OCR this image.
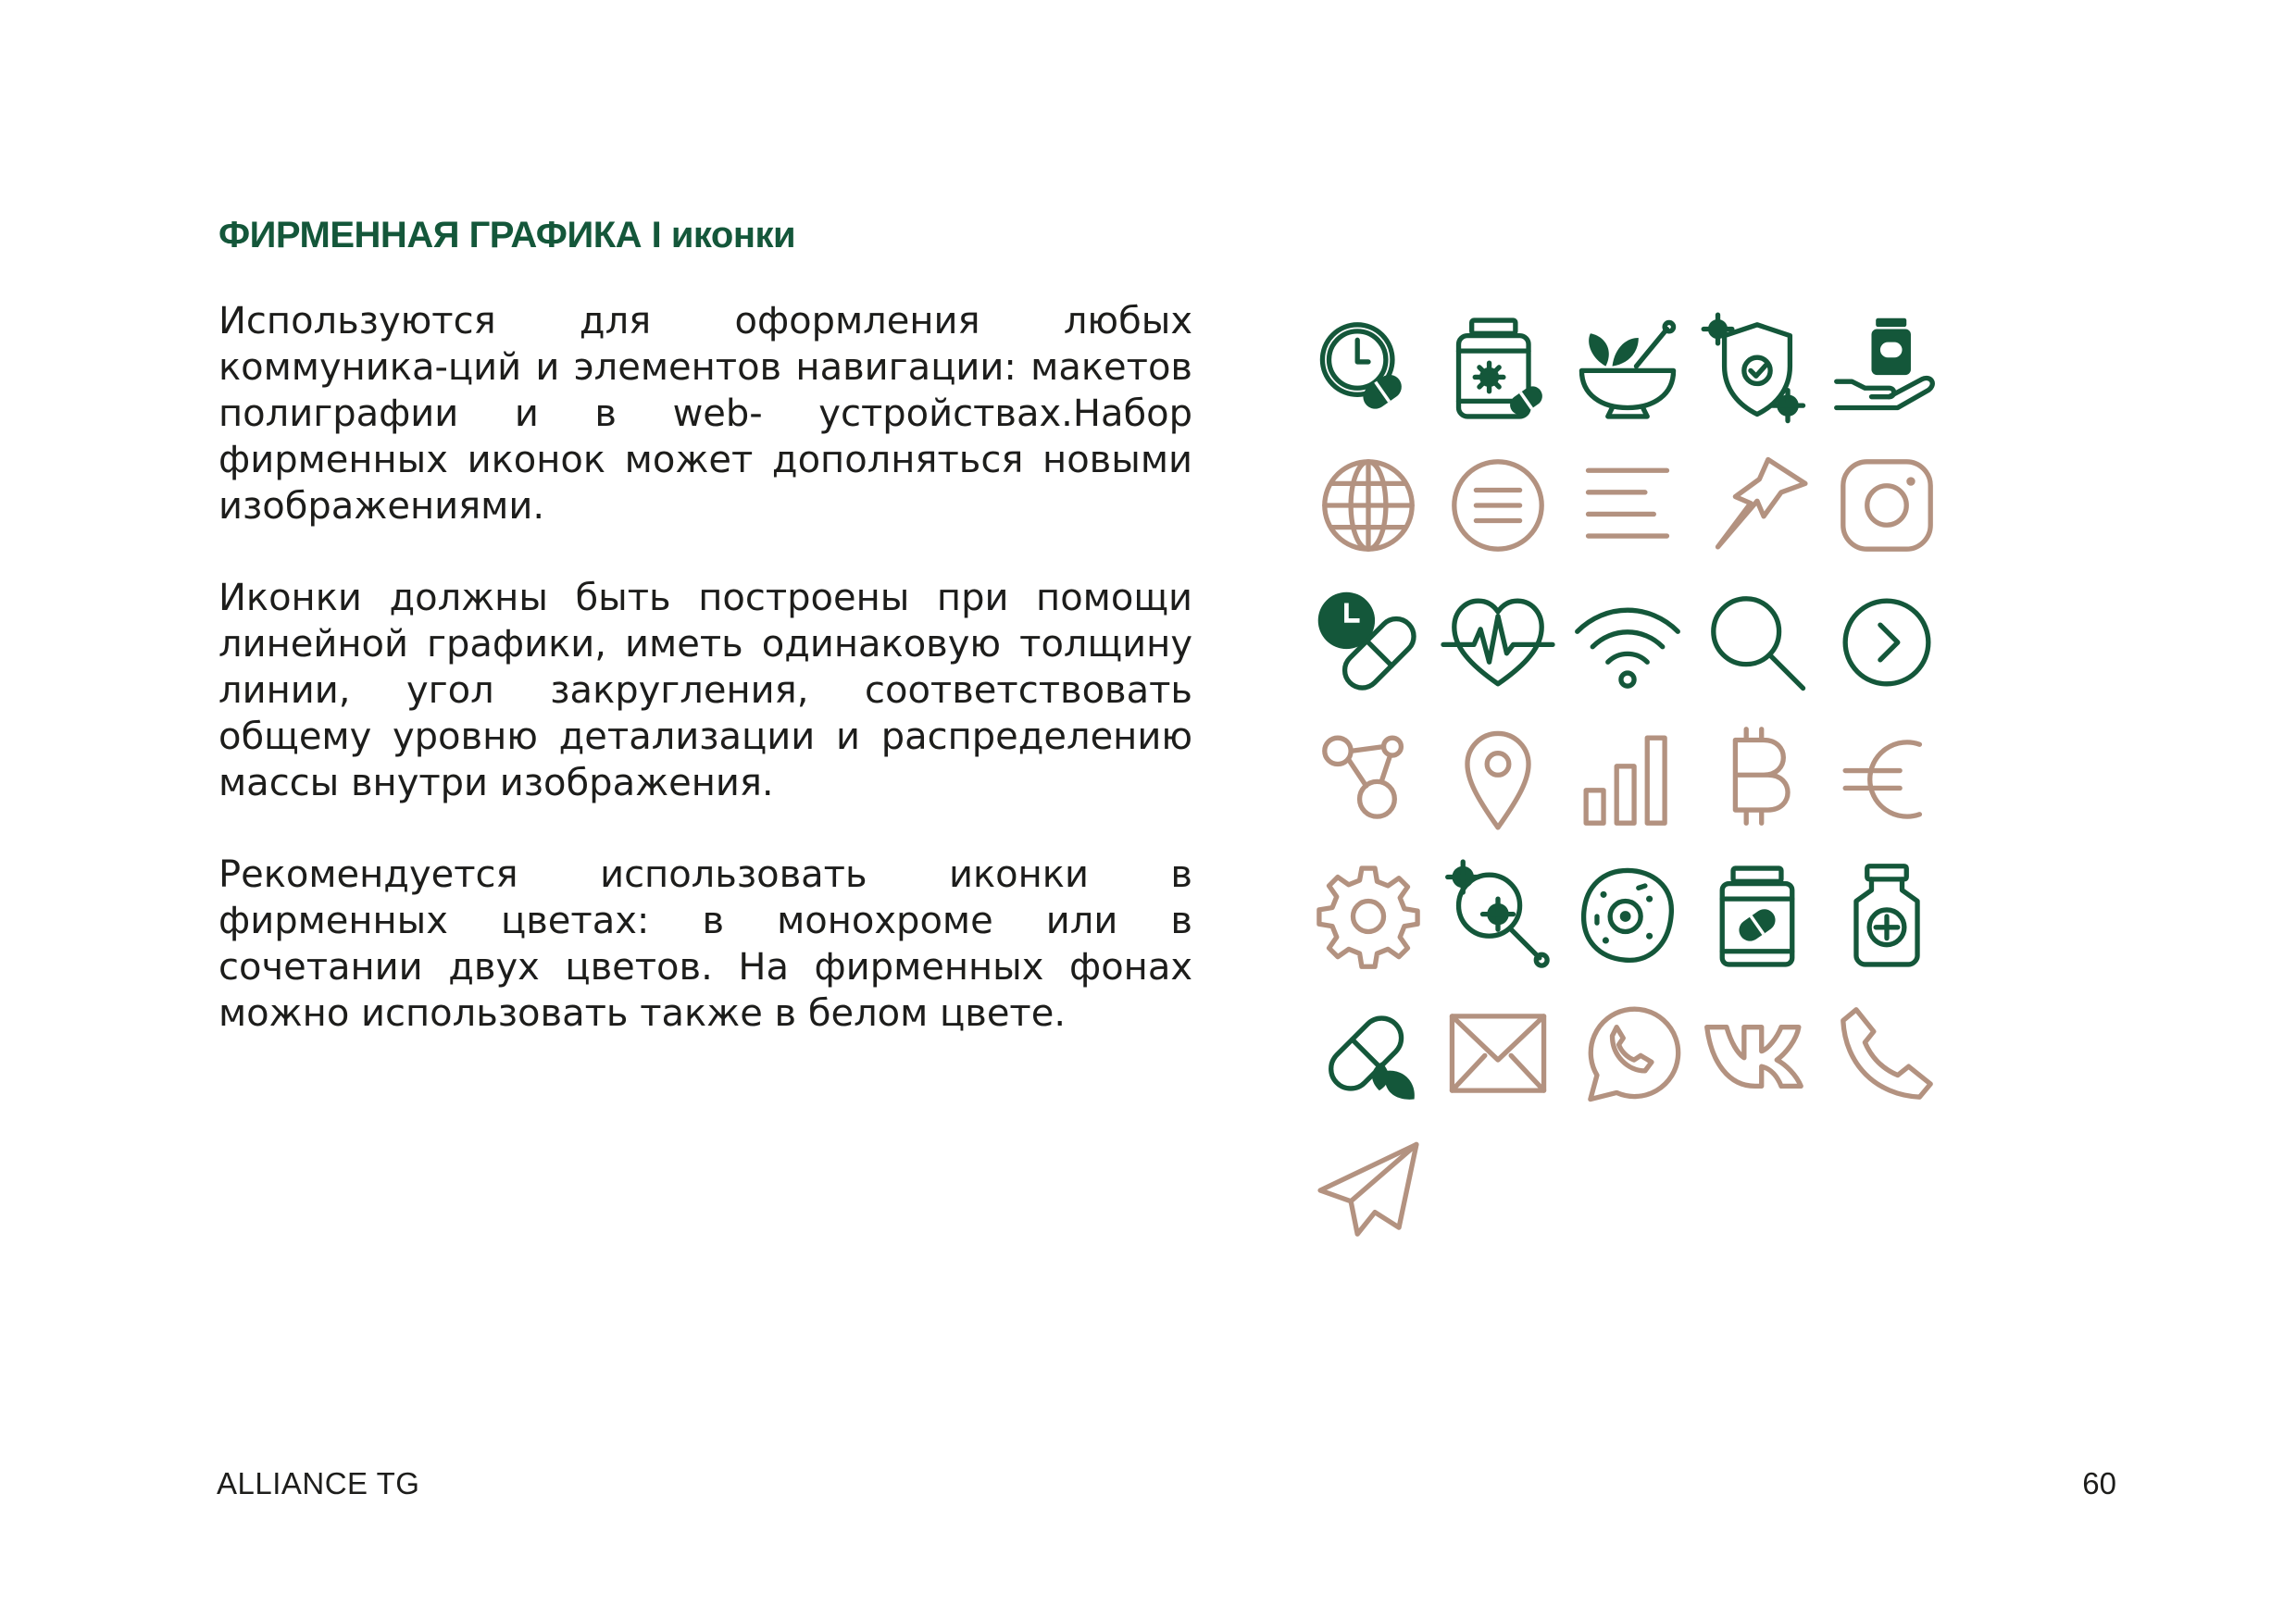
ФИРМЕННАЯ ГРАФИКА I иконки

Используются для оформления любых коммуника-ций и элементов навигации: макетов полиграфии и в web- устройствах.Набор фирменных иконок может дополняться новыми изображениями.

Иконки должны быть построены при помощи линейной графики, иметь одинаковую толщину линии, угол закругления, соответствовать общему уровню детализации и распределению массы внутри изображения.

Рекомендуется использовать иконки в фирменных цветах: в монохроме или в сочетании двух цветов. На фирменных фонах можно использовать также в белом цвете.

ALLIANCE TG	60
